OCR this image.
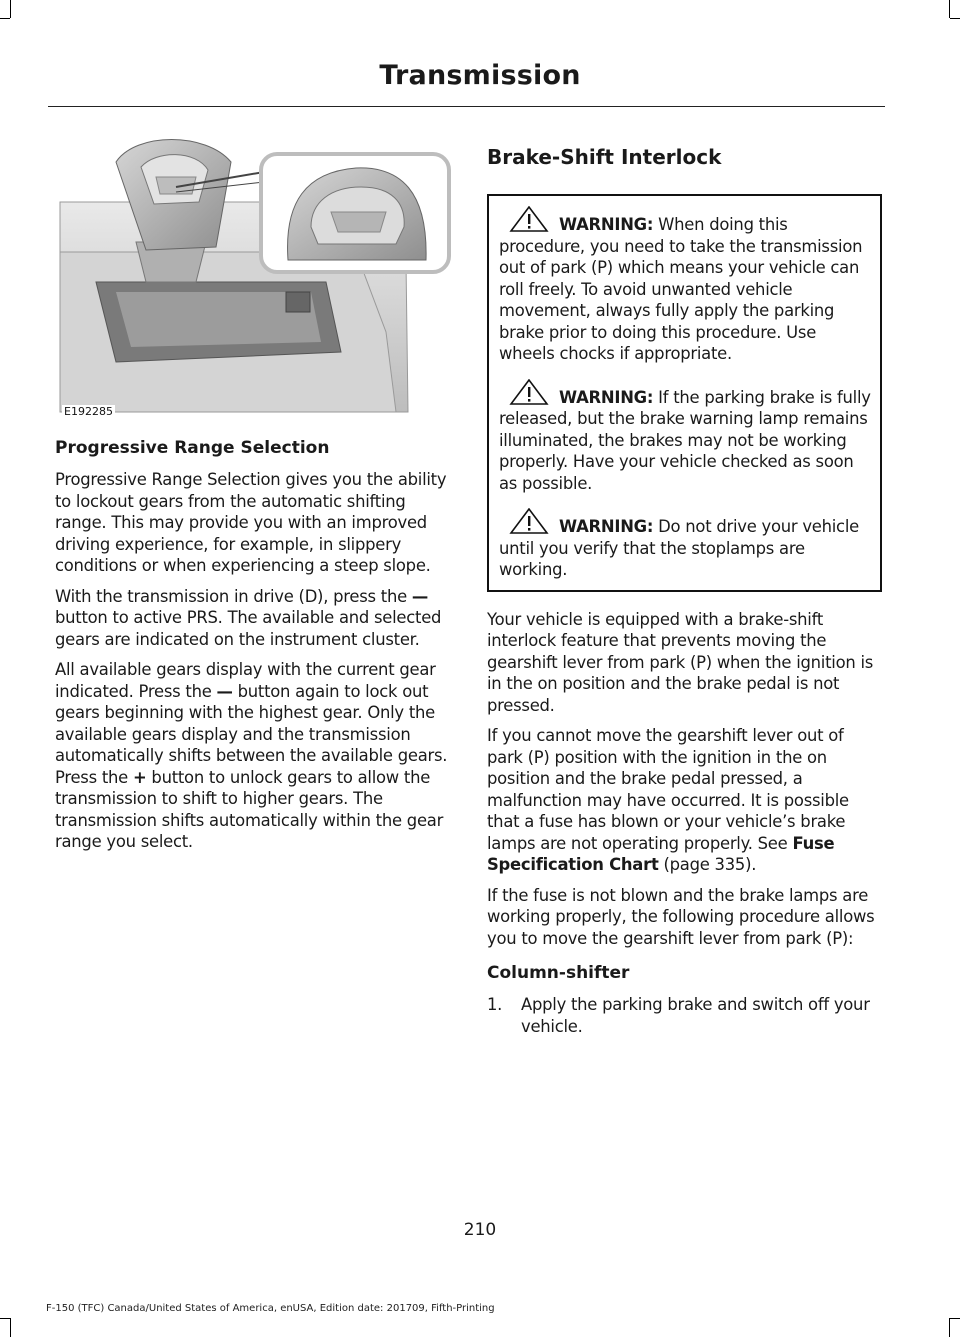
Transmission
E192285
Progressive Range Selection

Progressive Range Selection gives you the ability to lockout gears from the automatic shifting range. This may provide you with an improved driving experience, for example, in slippery conditions or when experiencing a steep slope.

With the transmission in drive (D), press the — button to active PRS. The available and selected gears are indicated on the instrument cluster.

All available gears display with the current gear indicated. Press the — button again to lock out gears beginning with the highest gear. Only the available gears display and the transmission automatically shifts between the available gears. Press the + button to unlock gears to allow the transmission to shift to higher gears. The transmission shifts automatically within the gear range you select.

Brake-Shift Interlock

WARNING: When doing this procedure, you need to take the transmission out of park (P) which means your vehicle can roll freely. To avoid unwanted vehicle movement, always fully apply the parking brake prior to doing this procedure. Use wheels chocks if appropriate.

WARNING: If the parking brake is fully released, but the brake warning lamp remains illuminated, the brakes may not be working properly. Have your vehicle checked as soon as possible.

WARNING: Do not drive your vehicle until you verify that the stoplamps are working.

Your vehicle is equipped with a brake-shift interlock feature that prevents moving the gearshift lever from park (P) when the ignition is in the on position and the brake pedal is not pressed.

If you cannot move the gearshift lever out of park (P) position with the ignition in the on position and the brake pedal pressed, a malfunction may have occurred. It is possible that a fuse has blown or your vehicle’s brake lamps are not operating properly. See Fuse Specification Chart (page 335).

If the fuse is not blown and the brake lamps are working properly, the following procedure allows you to move the gearshift lever from park (P):

Column-shifter
1.	Apply the parking brake and switch off your vehicle.
210
F-150 (TFC) Canada/United States of America, enUSA, Edition date: 201709, Fifth-Printing
